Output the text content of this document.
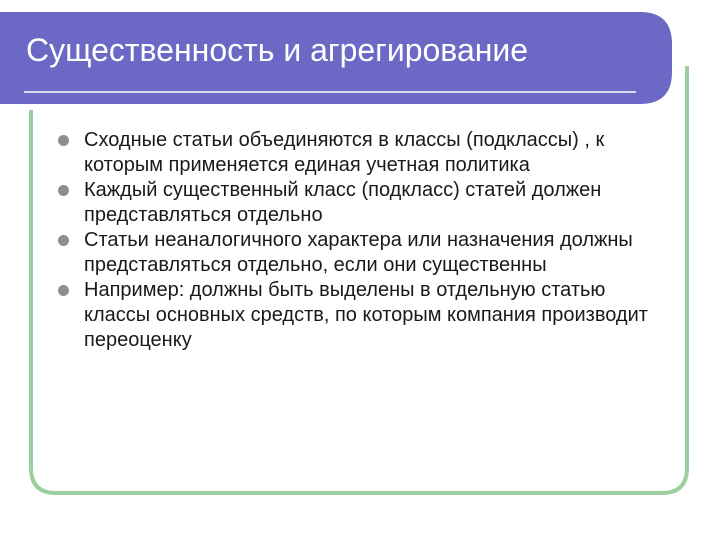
Существенность и агрегирование
Сходные статьи объединяются в классы (подклассы) , к которым применяется единая учетная политика
Каждый существенный класс (подкласс) статей должен представляться отдельно
Статьи неаналогичного характера или назначения должны представляться отдельно, если они существенны
Например: должны быть выделены в отдельную статью классы основных средств, по которым компания производит переоценку
